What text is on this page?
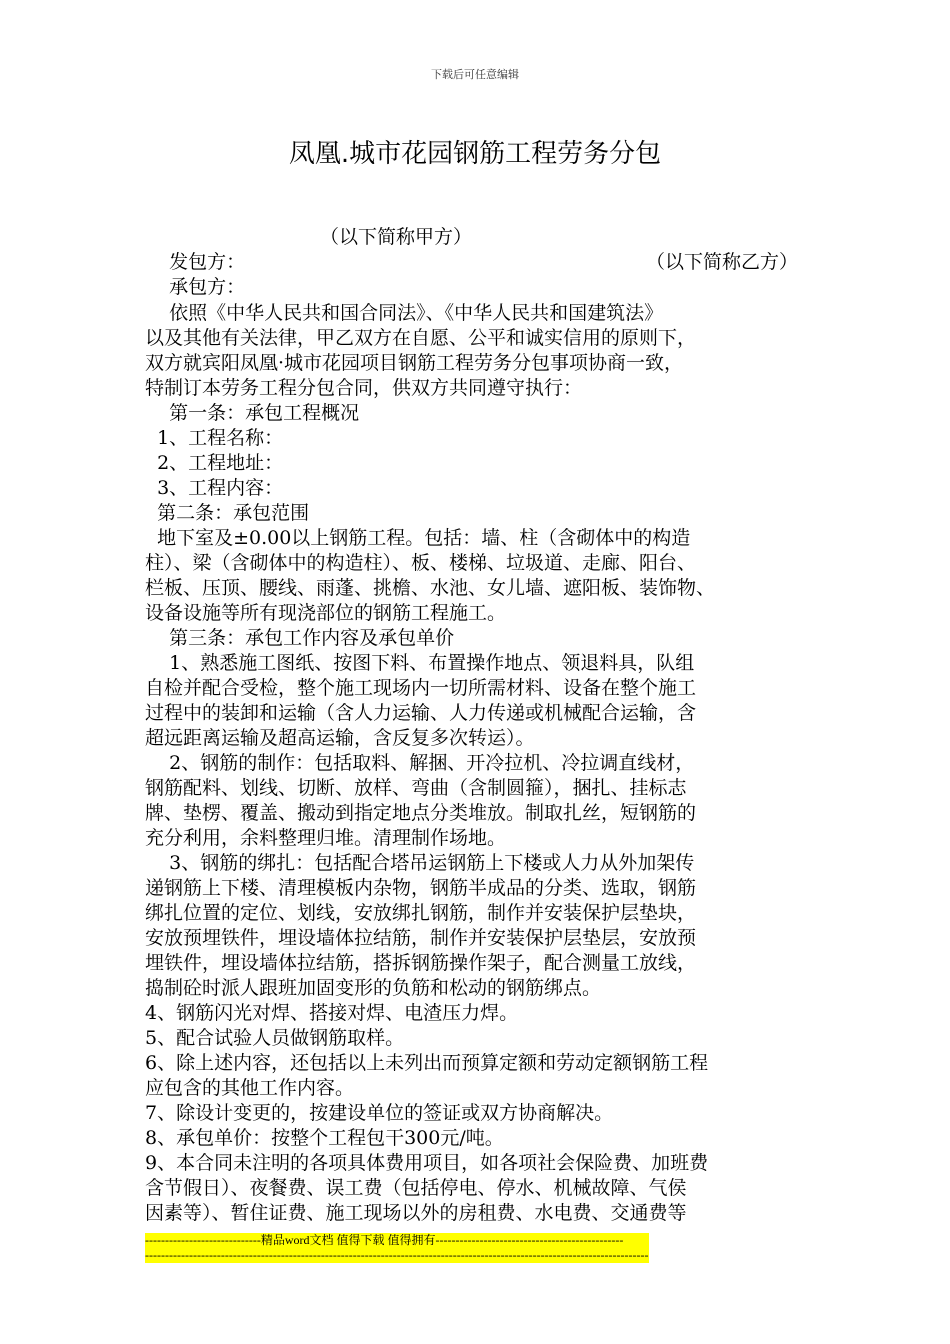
下载后可任意编辑
凤凰.城市花园钢筋工程劳务分包

发包方：

（以下简称甲方）

承包方：

（以下简称乙方）

依照《中华人民共和国合同法》、《中华人民共和国建筑法》
以及其他有关法律，甲乙双方在自愿、公平和诚实信用的原则下，
双方就宾阳凤凰·城市花园项目钢筋工程劳务分包事项协商一致，
特制订本劳务工程分包合同，供双方共同遵守执行：
第一条：承包工程概况
1、工程名称：
2、工程地址：
3、工程内容：
第二条：承包范围
地下室及±0.00以上钢筋工程。包括：墙、柱（含砌体中的构造
柱）、梁（含砌体中的构造柱）、板、楼梯、垃圾道、走廊、阳台、
栏板、压顶、腰线、雨蓬、挑檐、水池、女儿墙、遮阳板、装饰物、
设备设施等所有现浇部位的钢筋工程施工。
第三条：承包工作内容及承包单价
1、熟悉施工图纸、按图下料、布置操作地点、领退料具，队组
自检并配合受检，整个施工现场内一切所需材料、设备在整个施工
过程中的装卸和运输（含人力运输、人力传递或机械配合运输，含
超远距离运输及超高运输，含反复多次转运）。
2、钢筋的制作：包括取料、解捆、开冷拉机、冷拉调直线材，
钢筋配料、划线、切断、放样、弯曲（含制圆箍），捆扎、挂标志
牌、垫楞、覆盖、搬动到指定地点分类堆放。制取扎丝，短钢筋的
充分利用，余料整理归堆。清理制作场地。
3、钢筋的绑扎：包括配合塔吊运钢筋上下楼或人力从外加架传
递钢筋上下楼、清理模板内杂物，钢筋半成品的分类、选取，钢筋
绑扎位置的定位、划线，安放绑扎钢筋，制作并安装保护层垫块，
安放预埋铁件，埋设墙体拉结筋，制作并安装保护层垫层，安放预
埋铁件，埋设墙体拉结筋，搭拆钢筋操作架子，配合测量工放线，
捣制砼时派人跟班加固变形的负筋和松动的钢筋绑点。
4、钢筋闪光对焊、搭接对焊、电渣压力焊。
5、配合试验人员做钢筋取样。
6、除上述内容，还包括以上未列出而预算定额和劳动定额钢筋工程
应包含的其他工作内容。
7、除设计变更的，按建设单位的签证或双方协商解决。
8、承包单价：按整个工程包干300元/吨。
9、本合同未注明的各项具体费用项目，如各项社会保险费、加班费
含节假日）、夜餐费、误工费（包括停电、停水、机械故障、气侯
因素等）、暂住证费、施工现场以外的房租费、水电费、交通费等
-----------------------------精品word文档 值得下载 值得拥有-----------------------------------------------
------------------------------------------------------------------------------------------------------------------------------
